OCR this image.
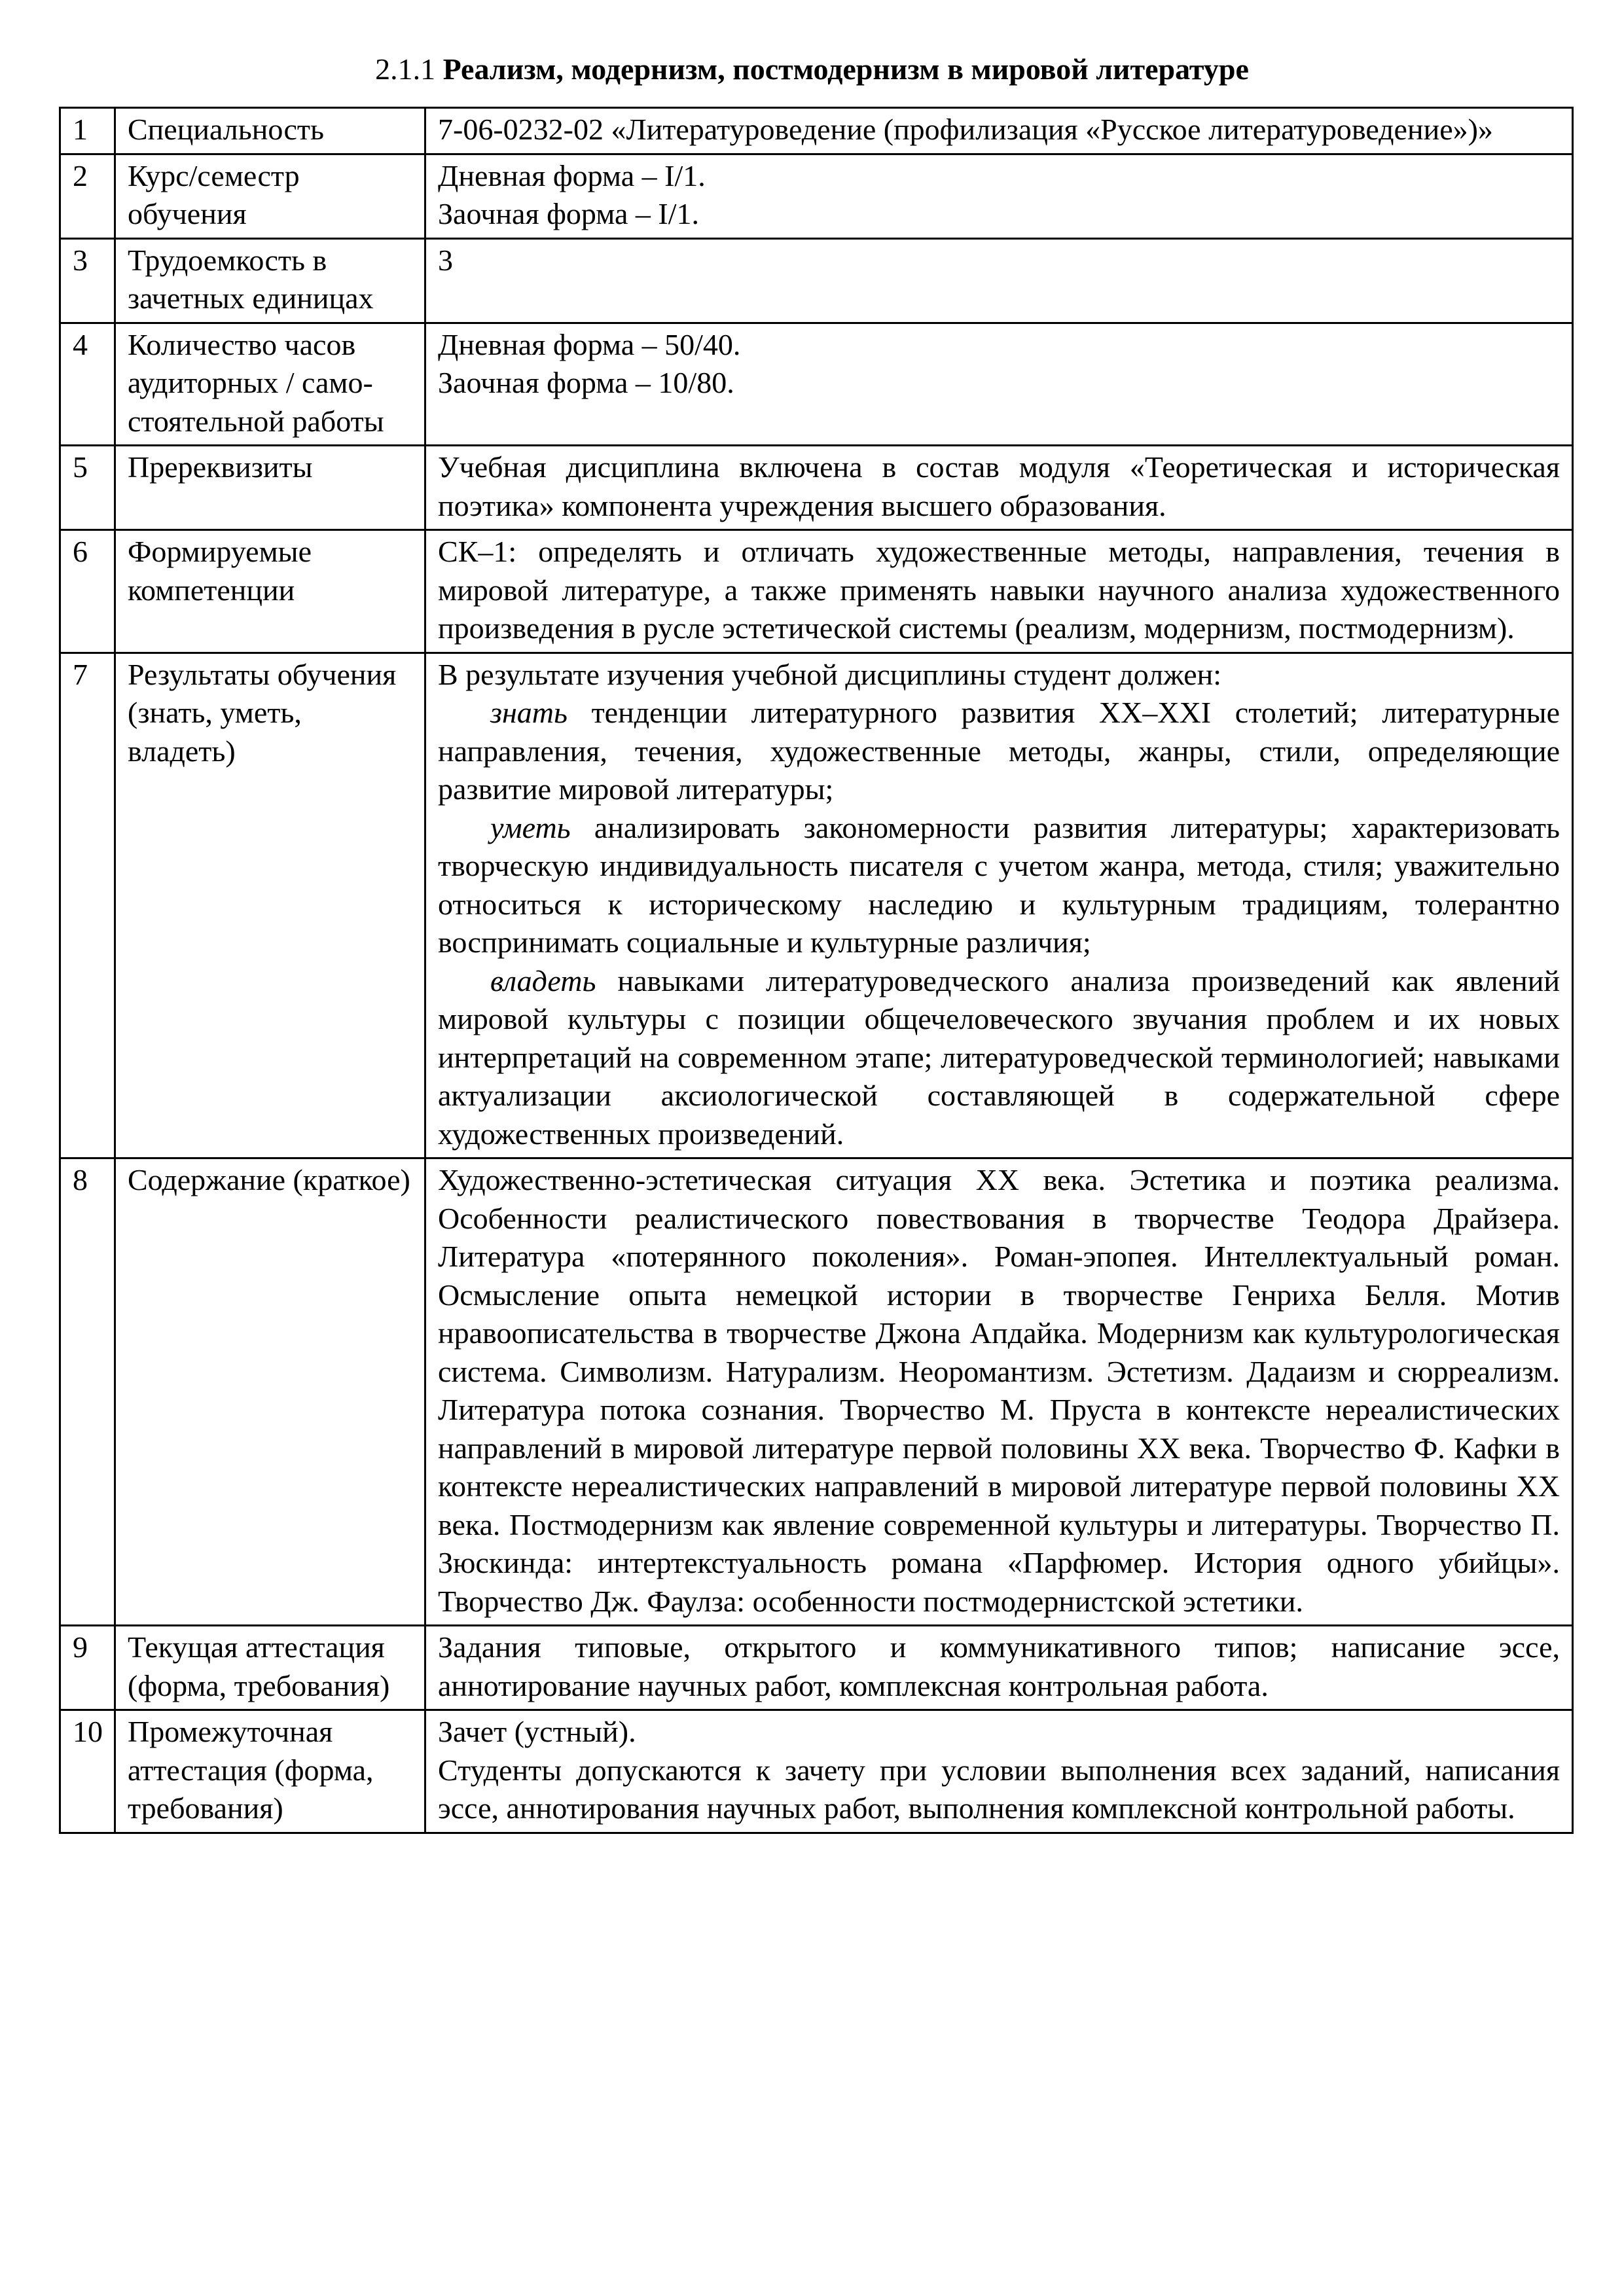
2.1.1 Реализм, модернизм, постмодернизм в мировой литературе
1	Специальность	7-06-0232-02 «Литературоведение (профилизация «Русское литературоведение»)»

2	Курс/семестр обучения	Дневная форма – I/1.
Заочная форма – I/1.

3	Трудоемкость в зачетных единицах	3

4	Количество часов аудиторных / само-стоятельной работы	Дневная форма – 50/40.
Заочная форма – 10/80.

5	Пререквизиты	Учебная дисциплина включена в состав модуля «Теоретическая и историческая поэтика» компонента учреждения высшего образования.

6	Формируемые компетенции	СК–1: определять и отличать художественные методы, направления, течения в мировой литературе, а также применять навыки научного анализа художественного произведения в русле эстетической системы (реализм, модернизм, постмодернизм).

7	Результаты обучения (знать, уметь, владеть)	В результате изучения учебной дисциплины студент должен:
знать тенденции литературного развития XX–XXI столетий; литературные направления, течения, художественные методы, жанры, стили, определяющие развитие мировой литературы;
уметь анализировать закономерности развития литературы; характеризовать творческую индивидуальность писателя с учетом жанра, метода, стиля; уважительно относиться к историческому наследию и культурным традициям, толерантно воспринимать социальные и культурные различия;
владеть навыками литературоведческого анализа произведений как явлений мировой культуры с позиции общечеловеческого звучания проблем и их новых интерпретаций на современном этапе; литературоведческой терминологией; навыками актуализации аксиологической составляющей в содержательной сфере художественных произведений.

8	Содержание (краткое)	Художественно-эстетическая ситуация XX века. Эстетика и поэтика реализма. Особенности реалистического повествования в творчестве Теодора Драйзера. Литература «потерянного поколения». Роман-эпопея. Интеллектуальный роман. Осмысление опыта немецкой истории в творчестве Генриха Белля. Мотив нравоописательства в творчестве Джона Апдайка. Модернизм как культурологическая система. Символизм. Натурализм. Неоромантизм. Эстетизм. Дадаизм и сюрреализм. Литература потока сознания. Творчество М. Пруста в контексте нереалистических направлений в мировой литературе первой половины XX века. Творчество Ф. Кафки в контексте нереалистических направлений в мировой литературе первой половины XX века. Постмодернизм как явление современной культуры и литературы. Творчество П. Зюскинда: интертекстуальность романа «Парфюмер. История одного убийцы». Творчество Дж. Фаулза: особенности постмодернистской эстетики.

9	Текущая аттестация (форма, требования)	Задания типовые, открытого и коммуникативного типов; написание эссе, аннотирование научных работ, комплексная контрольная работа.

10	Промежуточная аттестация (форма, требования)	Зачет (устный).
Студенты допускаются к зачету при условии выполнения всех заданий, написания эссе, аннотирования научных работ, выполнения комплексной контрольной работы.
